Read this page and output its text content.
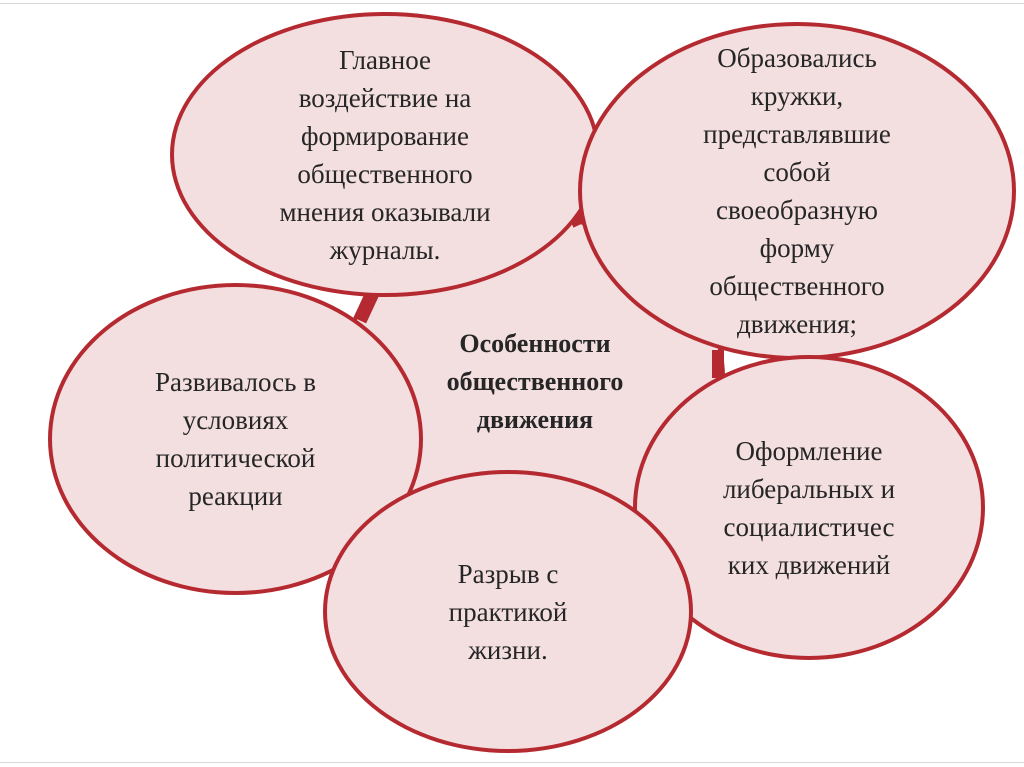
Особенности
общественного
движения
Главное
воздействие на
формирование
общественного
мнения оказывали
журналы.
Образовались
кружки,
представлявшие
собой
своеобразную
форму
общественного
движения;
Развивалось в
условиях
политической
реакции
Оформление
либеральных и
социалистичес
ких движений
Разрыв с
практикой
жизни.
